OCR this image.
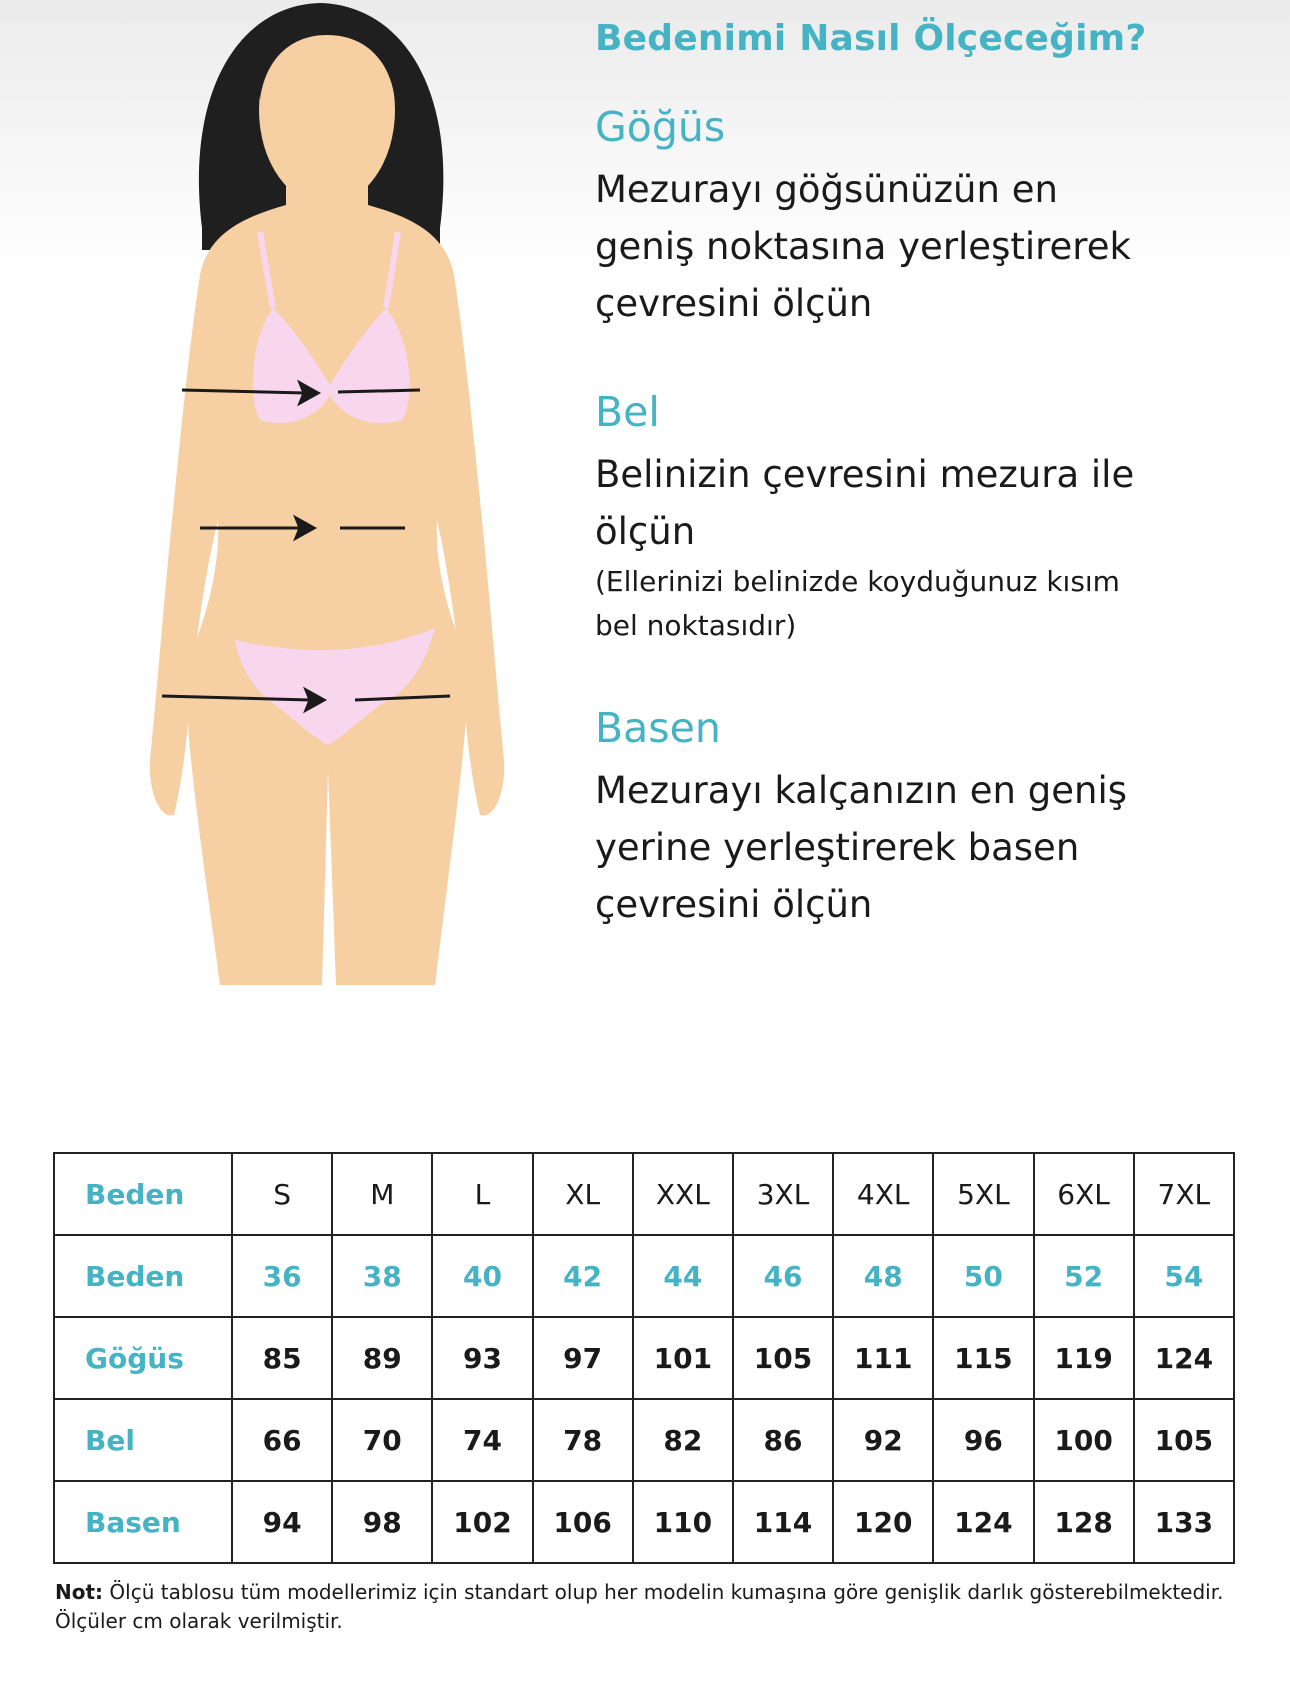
Bedenimi Nasıl Ölçeceğim?
Göğüs
Mezurayı göğsünüzün en
geniş noktasına yerleştirerek
çevresini ölçün
Bel
Belinizin çevresini mezura ile
ölçün
(Ellerinizi belinizde koyduğunuz kısım
bel noktasıdır)
Basen
Mezurayı kalçanızın en geniş
yerine yerleştirerek basen
çevresini ölçün
Beden	S	M	L	XL	XXL	3XL	4XL	5XL	6XL	7XL
Beden	36	38	40	42	44	46	48	50	52	54
Göğüs	85	89	93	97	101	105	111	115	119	124
Bel	66	70	74	78	82	86	92	96	100	105
Basen	94	98	102	106	110	114	120	124	128	133
Not: Ölçü tablosu tüm modellerimiz için standart olup her modelin kumaşına göre genişlik darlık gösterebilmektedir.
Ölçüler cm olarak verilmiştir.
